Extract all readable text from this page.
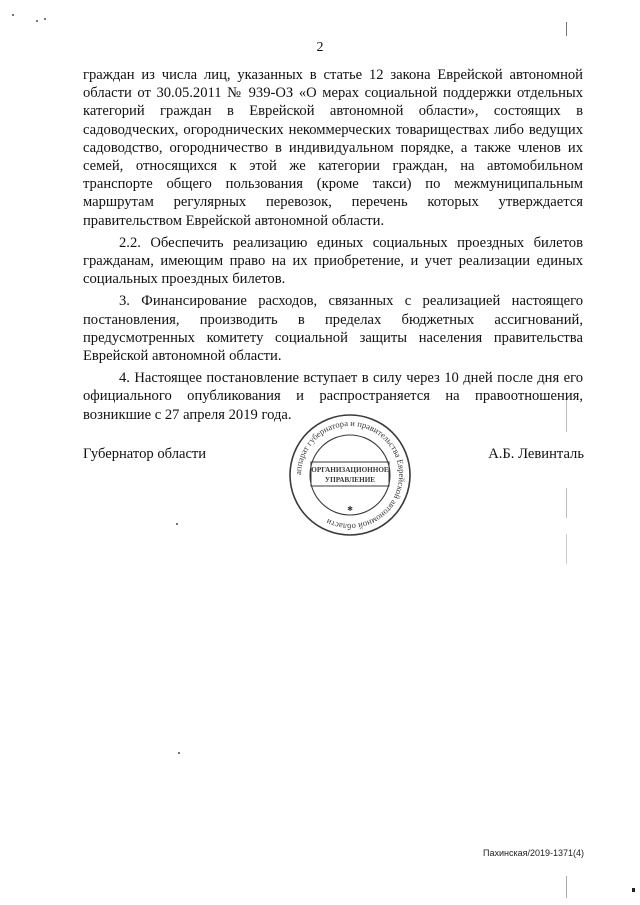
2

граждан из числа лиц, указанных в статье 12 закона Еврейской автономной области от 30.05.2011 № 939-ОЗ «О мерах социальной поддержки отдельных категорий граждан в Еврейской автономной области», состоящих в садоводческих, огороднических некоммерческих товариществах либо ведущих садоводство, огородничество в индивидуальном порядке, а также членов их семей, относящихся к этой же категории граждан, на автомобильном транспорте общего пользования (кроме такси) по межмуниципальным маршрутам регулярных перевозок, перечень которых утверждается правительством Еврейской автономной области.

2.2. Обеспечить реализацию единых социальных проездных билетов гражданам, имеющим право на их приобретение, и учет реализации единых социальных проездных билетов.

3. Финансирование расходов, связанных с реализацией настоящего постановления, производить в пределах бюджетных ассигнований, предусмотренных комитету социальной защиты населения правительства Еврейской автономной области.

4. Настоящее постановление вступает в силу через 10 дней после дня его официального опубликования и распространяется на правоотношения, возникшие с 27 апреля 2019 года.

Губернатор области
аппарат губернатора и правительства Еврейской автономной области
ОРГАНИЗАЦИОННОЕ
УПРАВЛЕНИЕ
✱
А.Б. Левинталь
Пахинская/2019-1371(4)
